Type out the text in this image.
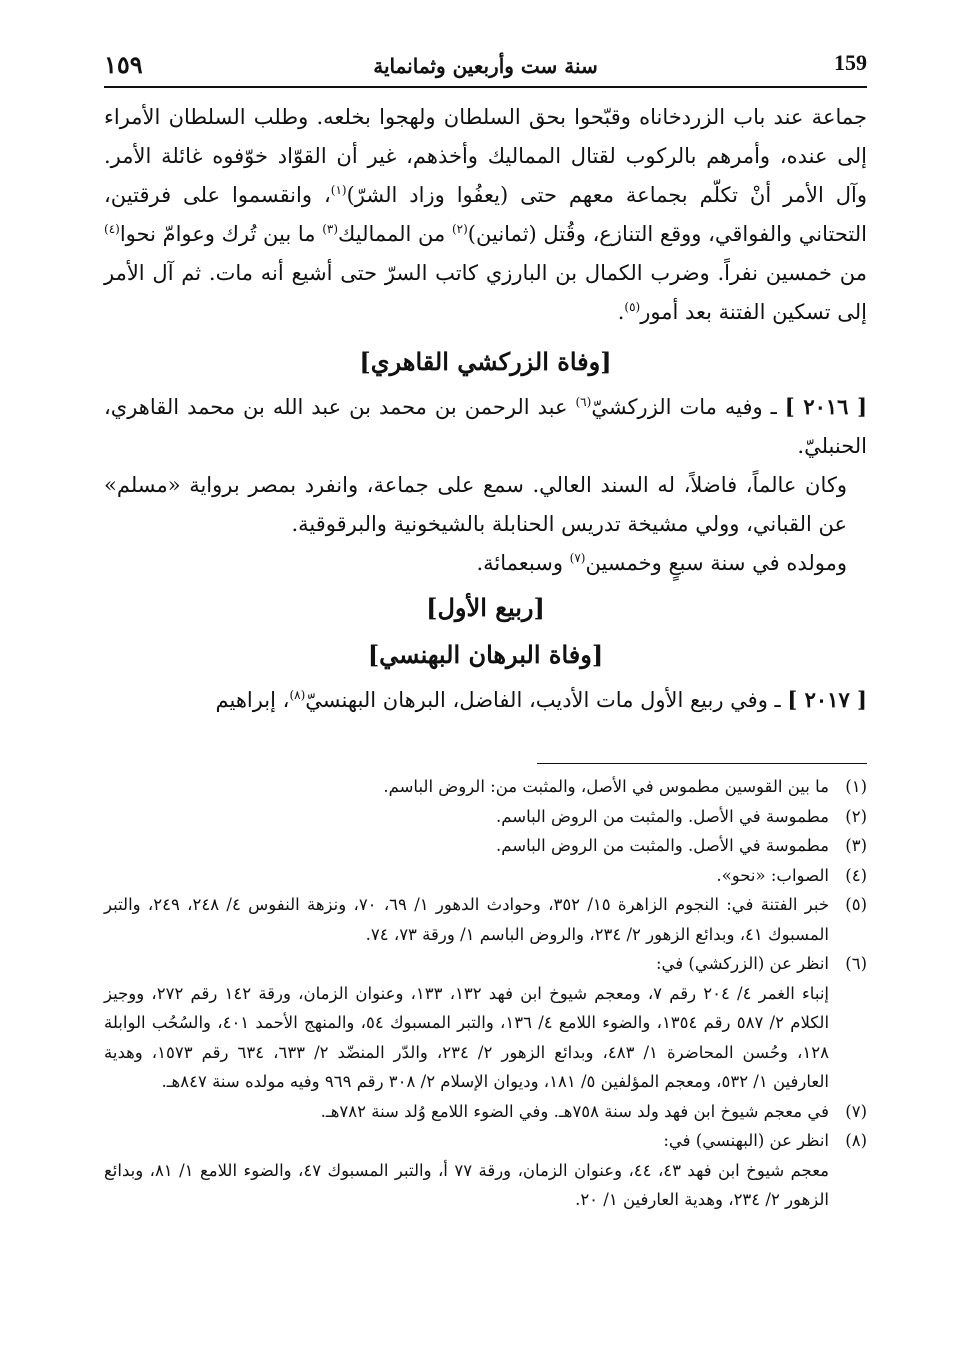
١٥٩	سنة ست وأربعين وثمانماية	159

جماعة عند باب الزردخاناه وقبّحوا بحق السلطان ولهجوا بخلعه. وطلب السلطان الأمراء إلى عنده، وأمرهم بالركوب لقتال المماليك وأخذهم، غير أن القوّاد خوّفوه غائلة الأمر. وآل الأمر أنْ تكلّم بجماعة معهم حتى (يعفُوا وزاد الشرّ)$^{(١)}$، وانقسموا على فرقتين، التحتاني والفواقي، ووقع التنازع، وقُتل (ثمانين)$^{(٢)}$ من المماليك$^{(٣)}$ ما بين تُرك وعوامّ نحوا$^{(٤)}$ من خمسين نفراً. وضرب الكمال بن البارزي كاتب السرّ حتى أشيع أنه مات. ثم آل الأمر إلى تسكين الفتنة بعد أمور$^{(٥)}$.

[وفاة الزركشي القاهري]

[ ٢٠١٦ ] ـ وفيه مات الزركشيّ$^{(٦)}$ عبد الرحمن بن محمد بن عبد الله بن محمد القاهري، الحنبليّ.

وكان عالماً، فاضلاً، له السند العالي. سمع على جماعة، وانفرد بمصر برواية «مسلم» عن القباني، وولي مشيخة تدريس الحنابلة بالشيخونية والبرقوقية.

ومولده في سنة سبعٍ وخمسين$^{(٧)}$ وسبعمائة.

[ربيع الأول]
[وفاة البرهان البهنسي]

[ ٢٠١٧ ] ـ وفي ربيع الأول مات الأديب، الفاضل، البرهان البهنسيّ$^{(٨)}$، إبراهيم

(١)
ما بين القوسين مطموس في الأصل، والمثبت من: الروض الباسم.
(٢)
مطموسة في الأصل. والمثبت من الروض الباسم.
(٣)
مطموسة في الأصل. والمثبت من الروض الباسم.
(٤)
الصواب: «نحو».
(٥)
خبر الفتنة في: النجوم الزاهرة ١٥/ ٣٥٢، وحوادث الدهور ١/ ٦٩، ٧٠، ونزهة النفوس ٤/ ٢٤٨، ٢٤٩، والتبر المسبوك ٤١، وبدائع الزهور ٢/ ٢٣٤، والروض الباسم ١/ ورقة ٧٣، ٧٤.
(٦)
انظر عن (الزركشي) في:
إنباء الغمر ٤/ ٢٠٤ رقم ٧، ومعجم شيوخ ابن فهد ١٣٢، ١٣٣، وعنوان الزمان، ورقة ١٤٢ رقم ٢٧٢، ووجيز الكلام ٢/ ٥٨٧ رقم ١٣٥٤، والضوء اللامع ٤/ ١٣٦، والتبر المسبوك ٥٤، والمنهج الأحمد ٤٠١، والسُحُب الوابلة ١٢٨، وحُسن المحاضرة ١/ ٤٨٣، وبدائع الزهور ٢/ ٢٣٤، والدّر المنضّد ٢/ ٦٣٣، ٦٣٤ رقم ١٥٧٣، وهدية العارفين ١/ ٥٣٢، ومعجم المؤلفين ٥/ ١٨١، وديوان الإسلام ٢/ ٣٠٨ رقم ٩٦٩ وفيه مولده سنة ٨٤٧هـ.
(٧)
في معجم شيوخ ابن فهد ولد سنة ٧٥٨هـ. وفي الضوء اللامع وُلد سنة ٧٨٢هـ.
(٨)
انظر عن (البهنسي) في:
معجم شيوخ ابن فهد ٤٣، ٤٤، وعنوان الزمان، ورقة ٧٧ أ، والتبر المسبوك ٤٧، والضوء اللامع ١/ ٨١، وبدائع الزهور ٢/ ٢٣٤، وهدية العارفين ١/ ٢٠.
